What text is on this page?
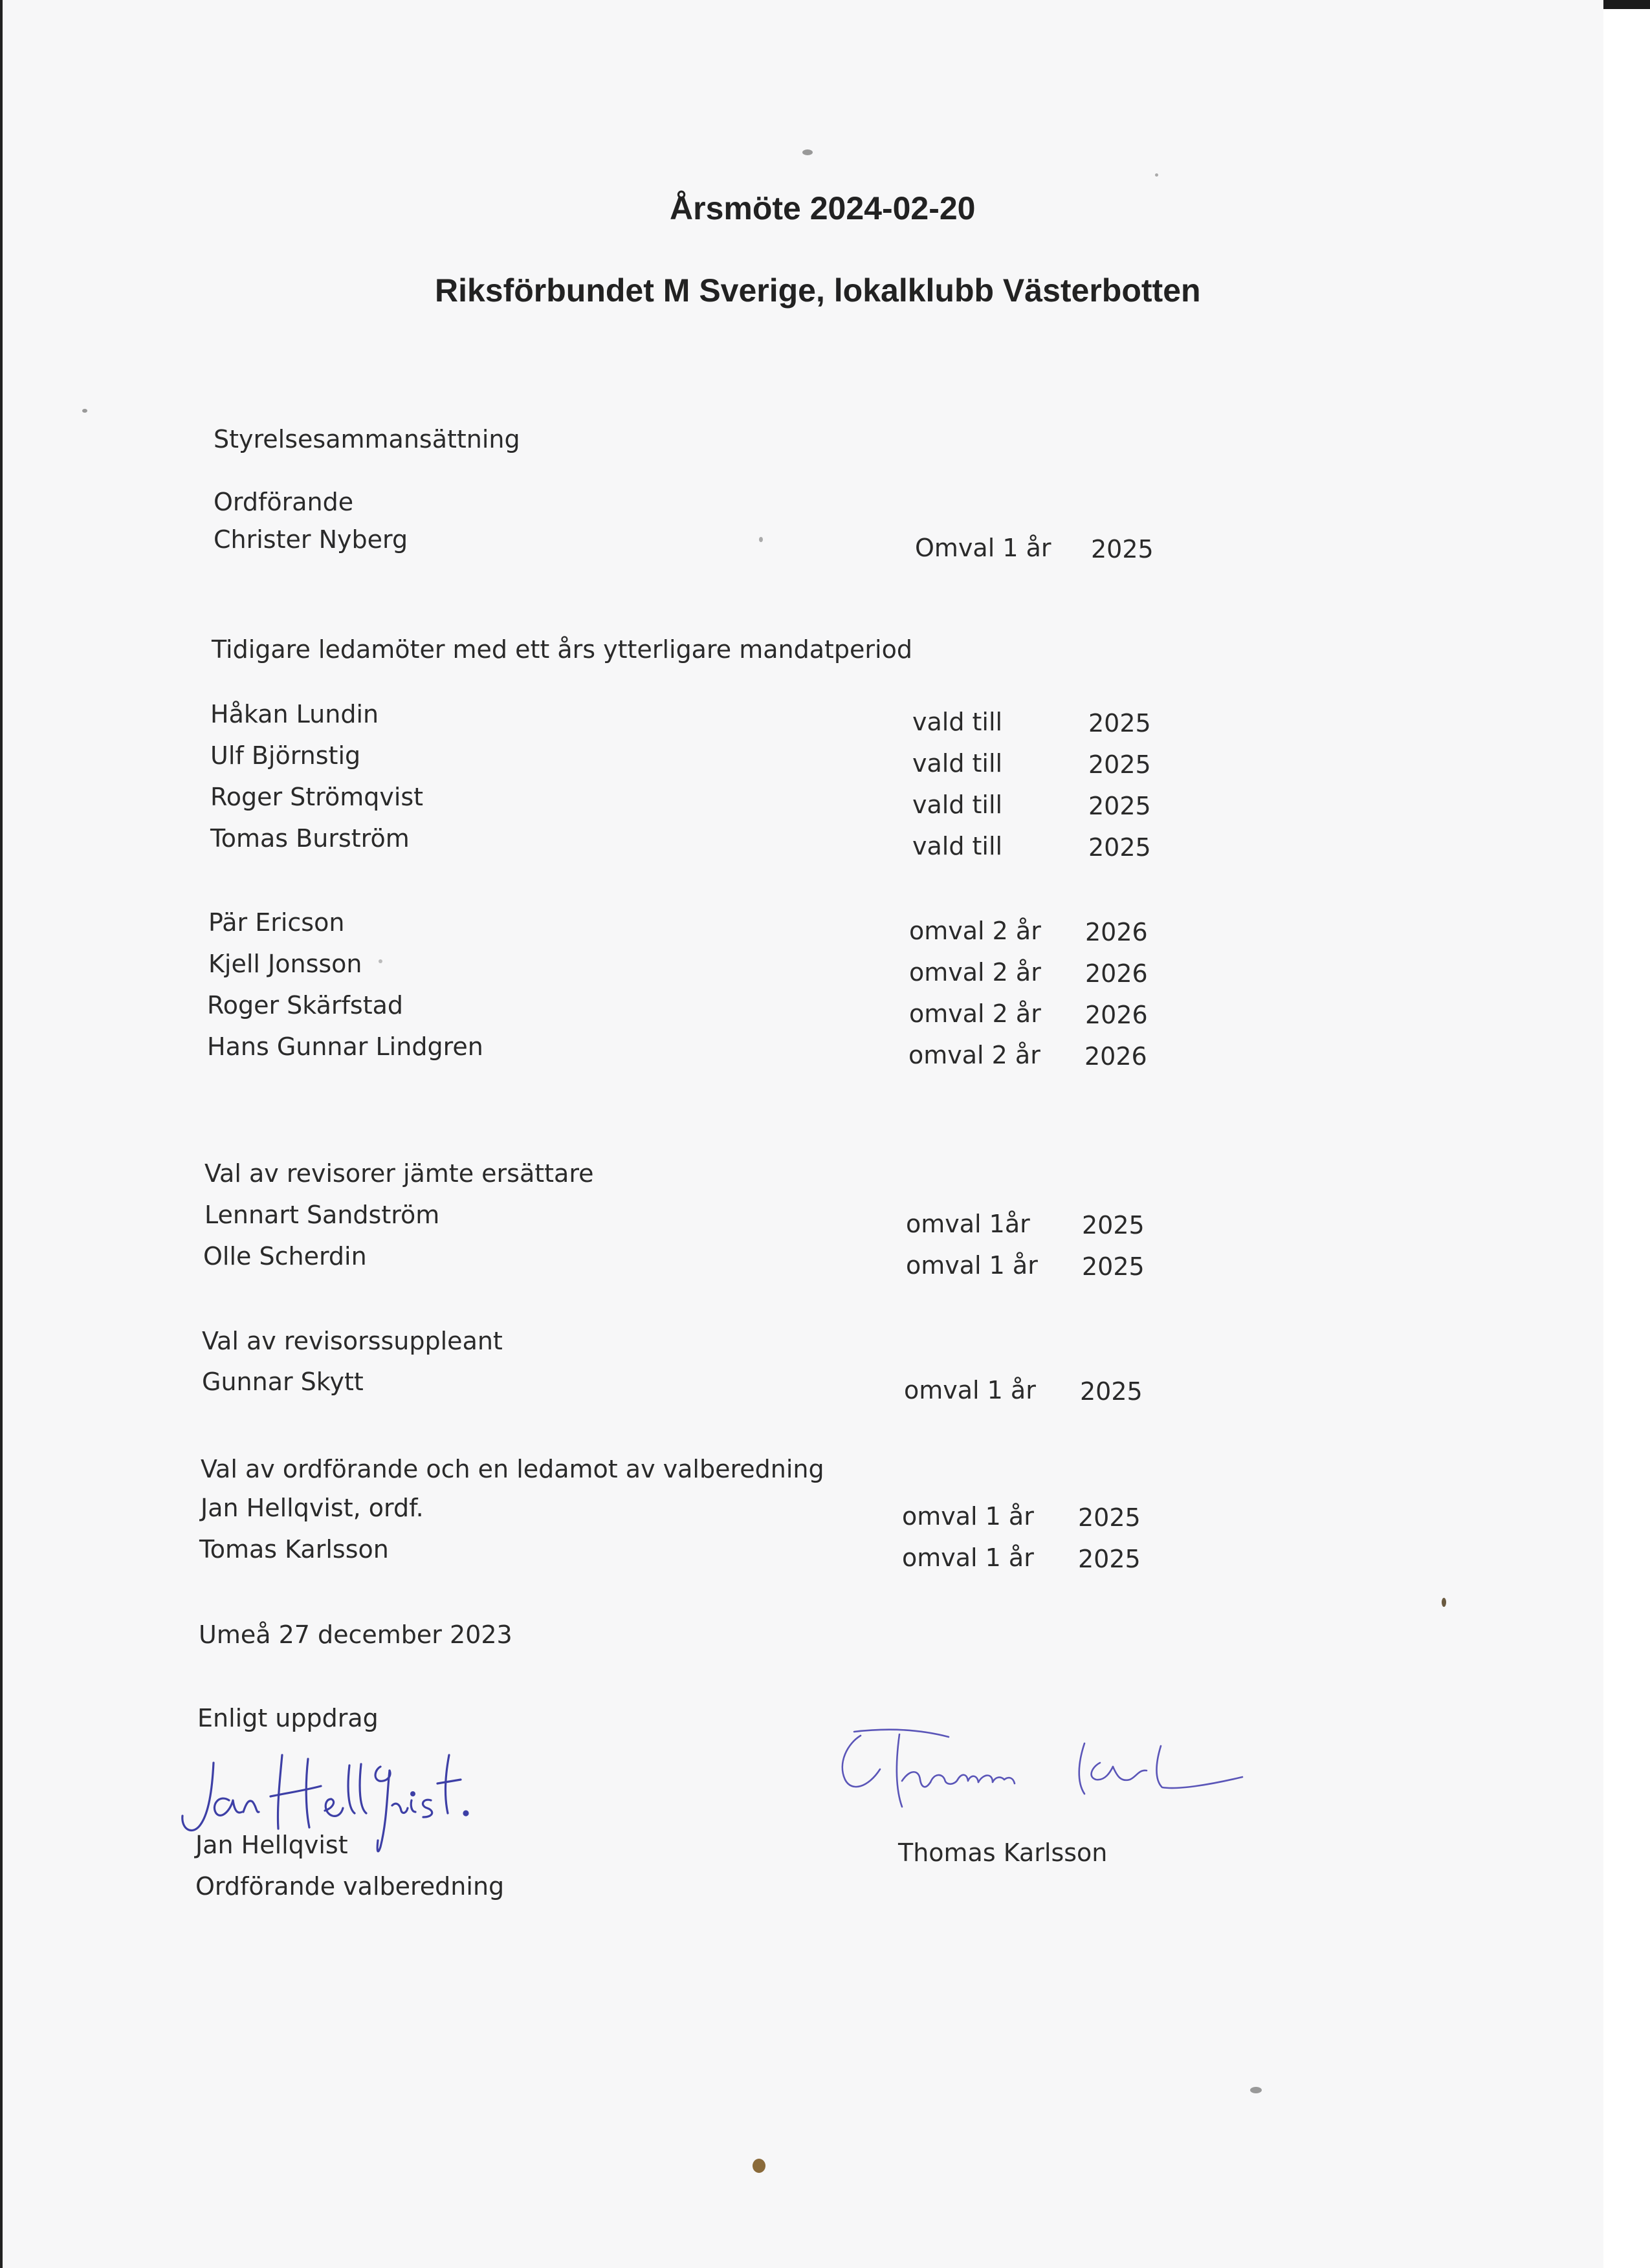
Årsmöte 2024-02-20
Riksförbundet M Sverige, lokalklubb Västerbotten
Styrelsesammansättning
Ordförande
Christer Nyberg	Omval 1 år 2025
Tidigare ledamöter med ett års ytterligare mandatperiod
Håkan Lundin	vald till	2025
Ulf Björnstig	vald till	2025
Roger Strömqvist	vald till	2025
Tomas Burström	vald till	2025
Pär Ericson	omval 2 år 2026
Kjell Jonsson	omval 2 år 2026
Roger Skärfstad	omval 2 år 2026
Hans Gunnar Lindgren	omval 2 år 2026
Val av revisorer jämte ersättare
Lennart Sandström	omval 1år 2025
Olle Scherdin	omval 1 år 2025
Val av revisorssuppleant
Gunnar Skytt	omval 1 år 2025
Val av ordförande och en ledamot av valberedning
Jan Hellqvist, ordf.	omval 1 år 2025
Tomas Karlsson	omval 1 år 2025
Umeå 27 december 2023
Enligt uppdrag
Jan Hellqvist
Ordförande valberedning
Thomas Karlsson
